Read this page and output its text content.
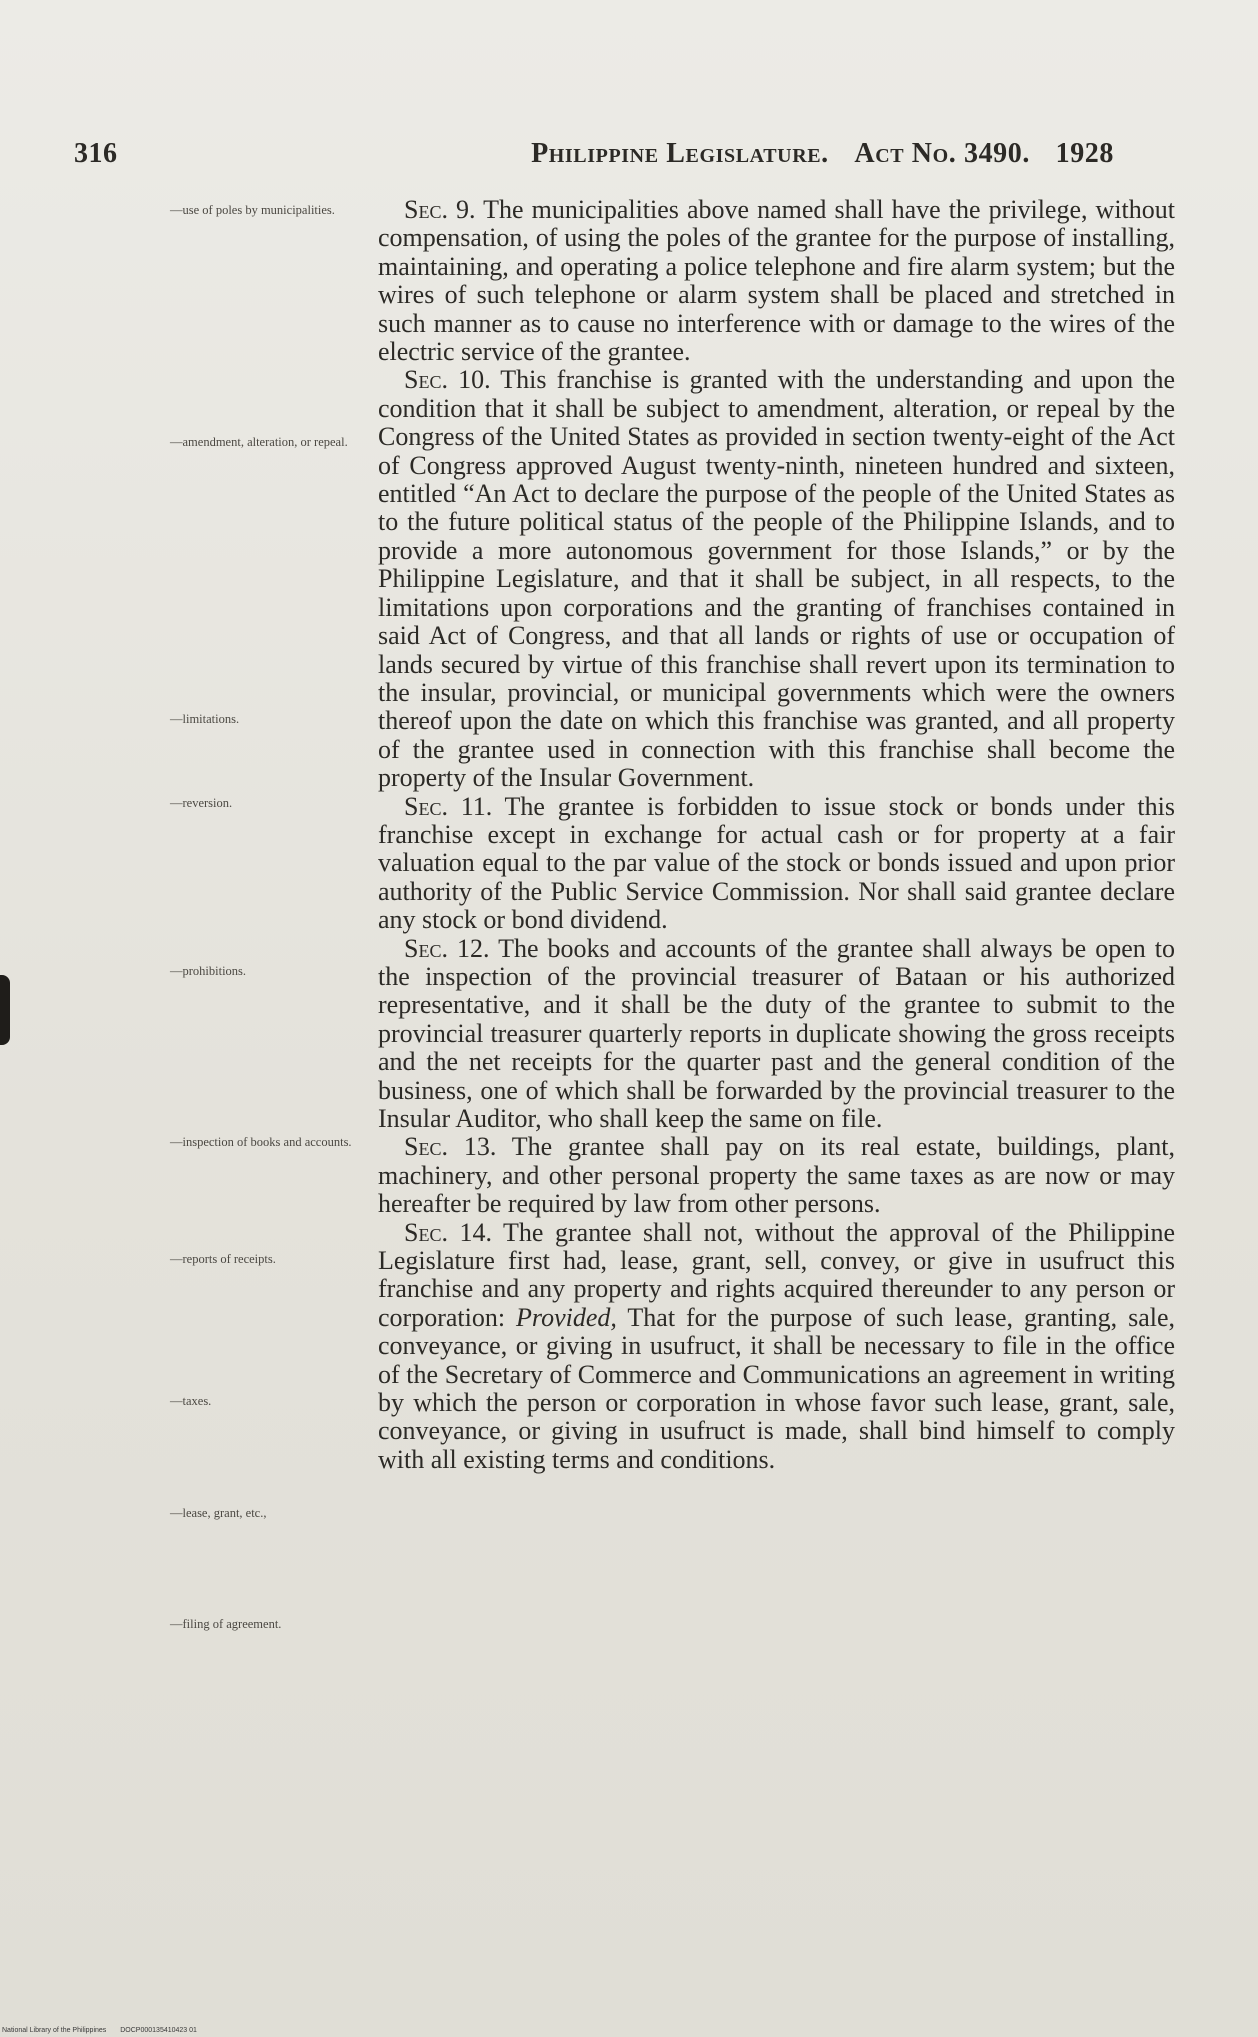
316	Philippine Legislature. Act No. 3490. 1928
—use of poles by municipalities.
—amendment, alteration, or repeal.
—limitations.
—reversion.
—prohibitions.
—inspection of books and accounts.
—reports of receipts.
—taxes.
—lease, grant, etc.,
—filing of agreement.

Sec. 9. The municipalities above named shall have the privilege, without compensation, of using the poles of the grantee for the purpose of installing, maintaining, and operating a police telephone and fire alarm system; but the wires of such telephone or alarm system shall be placed and stretched in such manner as to cause no interference with or damage to the wires of the electric service of the grantee.

Sec. 10. This franchise is granted with the understanding and upon the condition that it shall be subject to amendment, alteration, or repeal by the Congress of the United States as provided in section twenty-eight of the Act of Congress approved August twenty-ninth, nineteen hundred and sixteen, entitled “An Act to declare the purpose of the people of the United States as to the future political status of the people of the Philippine Islands, and to provide a more autonomous government for those Islands,” or by the Philippine Legislature, and that it shall be subject, in all respects, to the limitations upon corporations and the granting of franchises contained in said Act of Congress, and that all lands or rights of use or occupation of lands secured by virtue of this franchise shall revert upon its termination to the insular, provincial, or municipal governments which were the owners thereof upon the date on which this franchise was granted, and all property of the grantee used in connection with this franchise shall become the property of the Insular Government.

Sec. 11. The grantee is forbidden to issue stock or bonds under this franchise except in exchange for actual cash or for property at a fair valuation equal to the par value of the stock or bonds issued and upon prior authority of the Public Service Commission. Nor shall said grantee declare any stock or bond dividend.

Sec. 12. The books and accounts of the grantee shall always be open to the inspection of the provincial treasurer of Bataan or his authorized representative, and it shall be the duty of the grantee to submit to the provincial treasurer quarterly reports in duplicate showing the gross receipts and the net receipts for the quarter past and the general condition of the business, one of which shall be forwarded by the provincial treasurer to the Insular Auditor, who shall keep the same on file.

Sec. 13. The grantee shall pay on its real estate, buildings, plant, machinery, and other personal property the same taxes as are now or may hereafter be required by law from other persons.

Sec. 14. The grantee shall not, without the approval of the Philippine Legislature first had, lease, grant, sell, convey, or give in usufruct this franchise and any property and rights acquired thereunder to any person or corporation: Provided, That for the purpose of such lease, granting, sale, conveyance, or giving in usufruct, it shall be necessary to file in the office of the Secretary of Commerce and Communications an agreement in writing by which the person or corporation in whose favor such lease, grant, sale, conveyance, or giving in usufruct is made, shall bind himself to comply with all existing terms and conditions.

National Library of the Philippines DOCP000135410423 01
